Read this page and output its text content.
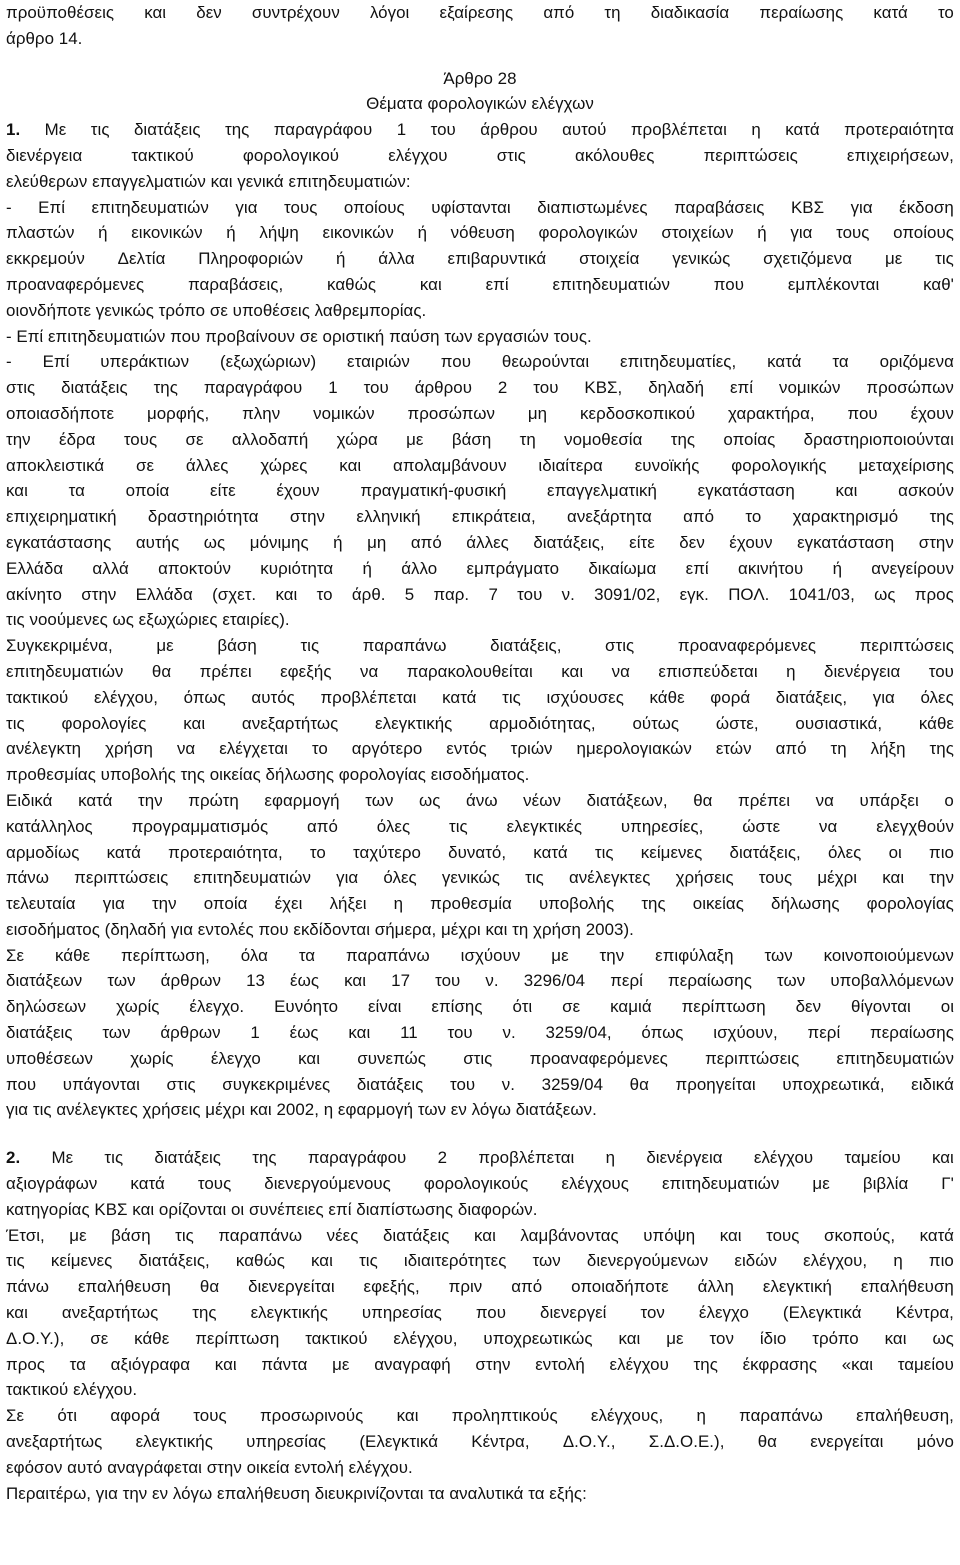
προϋποθέσεις και δεν συντρέχουν λόγοι εξαίρεσης από τη διαδικασία περαίωσης κατά το
άρθρο 14.
Άρθρο 28
Θέματα φορολογικών ελέγχων
1. Με τις διατάξεις της παραγράφου 1 του άρθρου αυτού προβλέπεται η κατά προτεραιότητα
διενέργεια	τακτικού	φορολογικού	ελέγχου	στις	ακόλουθες	περιπτώσεις	επιχειρήσεων,
ελεύθερων επαγγελματιών και γενικά επιτηδευματιών:
- Επί επιτηδευματιών για τους οποίους υφίστανται διαπιστωμένες παραβάσεις ΚΒΣ για έκδοση
πλαστών ή εικονικών ή λήψη εικονικών ή νόθευση φορολογικών στοιχείων ή για τους οποίους
εκκρεμούν Δελτία Πληροφοριών ή άλλα επιβαρυντικά στοιχεία γενικώς σχετιζόμενα με τις
προαναφερόμενες	παραβάσεις,	καθώς	και	επί	επιτηδευματιών	που	εμπλέκονται	καθ'
οιονδήποτε γενικώς τρόπο σε υποθέσεις λαθρεμπορίας.
- Επί επιτηδευματιών που προβαίνουν σε οριστική παύση των εργασιών τους.
- Επί υπεράκτιων (εξωχώριων) εταιριών που θεωρούνται επιτηδευματίες, κατά τα οριζόμενα
στις διατάξεις της παραγράφου 1 του άρθρου 2 του ΚΒΣ, δηλαδή επί νομικών προσώπων
οποιασδήποτε μορφής, πλην νομικών προσώπων μη κερδοσκοπικού χαρακτήρα, που έχουν
την έδρα τους σε αλλοδαπή χώρα με βάση τη νομοθεσία της οποίας δραστηριοποιούνται
αποκλειστικά σε άλλες χώρες και απολαμβάνουν ιδιαίτερα ευνοϊκής φορολογικής μεταχείρισης
και τα οποία είτε έχουν πραγματική-φυσική επαγγελματική εγκατάσταση και ασκούν
επιχειρηματική δραστηριότητα στην ελληνική επικράτεια, ανεξάρτητα από το χαρακτηρισμό της
εγκατάστασης αυτής ως μόνιμης ή μη από άλλες διατάξεις, είτε δεν έχουν εγκατάσταση στην
Ελλάδα αλλά αποκτούν κυριότητα ή άλλο εμπράγματο δικαίωμα επί ακινήτου ή ανεγείρουν
ακίνητο στην Ελλάδα (σχετ. και το άρθ. 5 παρ. 7 του ν. 3091/02, εγκ. ΠΟΛ. 1041/03, ως προς
τις νοούμενες ως εξωχώριες εταιρίες).
Συγκεκριμένα,	με	βάση	τις	παραπάνω	διατάξεις,	στις	προαναφερόμενες	περιπτώσεις
επιτηδευματιών θα πρέπει εφεξής να παρακολουθείται και να επισπεύδεται η διενέργεια του
τακτικού ελέγχου, όπως αυτός προβλέπεται κατά τις ισχύουσες κάθε φορά διατάξεις, για όλες
τις φορολογίες και ανεξαρτήτως ελεγκτικής αρμοδιότητας, ούτως ώστε, ουσιαστικά, κάθε
ανέλεγκτη χρήση να ελέγχεται το αργότερο εντός τριών ημερολογιακών ετών από τη λήξη της
προθεσμίας υποβολής της οικείας δήλωσης φορολογίας εισοδήματος.
Ειδικά κατά την πρώτη εφαρμογή των ως άνω νέων διατάξεων, θα πρέπει να υπάρξει ο
κατάλληλος προγραμματισμός από όλες τις ελεγκτικές υπηρεσίες, ώστε να ελεγχθούν
αρμοδίως κατά προτεραιότητα, το ταχύτερο δυνατό, κατά τις κείμενες διατάξεις, όλες οι πιο
πάνω περιπτώσεις επιτηδευματιών για όλες γενικώς τις ανέλεγκτες χρήσεις τους μέχρι και την
τελευταία για την οποία έχει λήξει η προθεσμία υποβολής της οικείας δήλωσης φορολογίας
εισοδήματος (δηλαδή για εντολές που εκδίδονται σήμερα, μέχρι και τη χρήση 2003).
Σε κάθε περίπτωση, όλα τα παραπάνω ισχύουν με την επιφύλαξη των κοινοποιούμενων
διατάξεων των άρθρων 13 έως και 17 του ν. 3296/04 περί περαίωσης των υποβαλλόμενων
δηλώσεων χωρίς έλεγχο. Ευνόητο είναι επίσης ότι σε καμιά περίπτωση δεν θίγονται οι
διατάξεις των άρθρων 1 έως και 11 του ν. 3259/04, όπως ισχύουν, περί περαίωσης
υποθέσεων χωρίς έλεγχο και συνεπώς στις προαναφερόμενες περιπτώσεις επιτηδευματιών
που υπάγονται στις συγκεκριμένες διατάξεις του ν. 3259/04 θα προηγείται υποχρεωτικά, ειδικά
για τις ανέλεγκτες χρήσεις μέχρι και 2002, η εφαρμογή των εν λόγω διατάξεων.
2. Με τις διατάξεις της παραγράφου 2 προβλέπεται η διενέργεια ελέγχου ταμείου και
αξιογράφων κατά τους διενεργούμενους φορολογικούς ελέγχους επιτηδευματιών με βιβλία Γ'
κατηγορίας ΚΒΣ και ορίζονται οι συνέπειες επί διαπίστωσης διαφορών.
Έτσι, με βάση τις παραπάνω νέες διατάξεις και λαμβάνοντας υπόψη και τους σκοπούς, κατά
τις κείμενες διατάξεις, καθώς και τις ιδιαιτερότητες των διενεργούμενων ειδών ελέγχου, η πιο
πάνω επαλήθευση θα διενεργείται εφεξής, πριν από οποιαδήποτε άλλη ελεγκτική επαλήθευση
και ανεξαρτήτως της ελεγκτικής υπηρεσίας που διενεργεί τον έλεγχο (Ελεγκτικά Κέντρα,
Δ.Ο.Υ.), σε κάθε περίπτωση τακτικού ελέγχου, υποχρεωτικώς και με τον ίδιο τρόπο και ως
προς τα αξιόγραφα και πάντα με αναγραφή στην εντολή ελέγχου της έκφρασης «και ταμείου
τακτικού ελέγχου.
Σε ότι αφορά τους προσωρινούς και προληπτικούς ελέγχους, η παραπάνω επαλήθευση,
ανεξαρτήτως ελεγκτικής υπηρεσίας (Ελεγκτικά Κέντρα, Δ.Ο.Υ., Σ.Δ.Ο.Ε.), θα ενεργείται μόνο
εφόσον αυτό αναγράφεται στην οικεία εντολή ελέγχου.
Περαιτέρω, για την εν λόγω επαλήθευση διευκρινίζονται τα αναλυτικά τα εξής:
